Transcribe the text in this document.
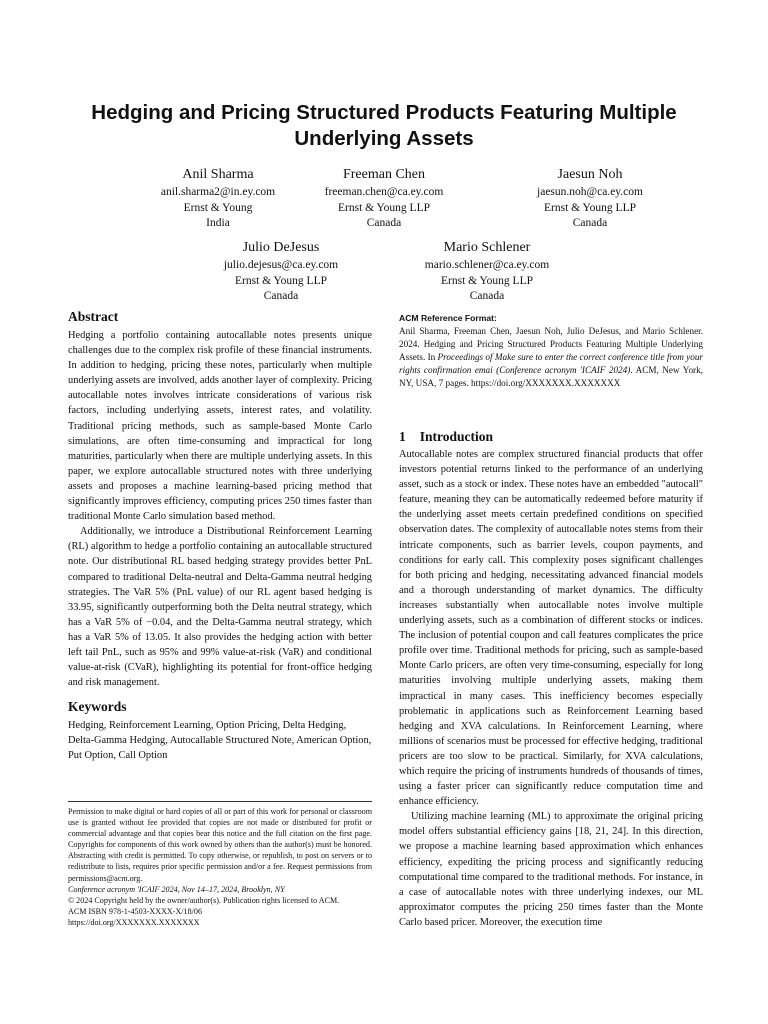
Hedging and Pricing Structured Products Featuring Multiple Underlying Assets
Anil Sharma
anil.sharma2@in.ey.com
Ernst & Young
India
Freeman Chen
freeman.chen@ca.ey.com
Ernst & Young LLP
Canada
Jaesun Noh
jaesun.noh@ca.ey.com
Ernst & Young LLP
Canada
Julio DeJesus
julio.dejesus@ca.ey.com
Ernst & Young LLP
Canada
Mario Schlener
mario.schlener@ca.ey.com
Ernst & Young LLP
Canada
Abstract

Hedging a portfolio containing autocallable notes presents unique challenges due to the complex risk profile of these financial instruments. In addition to hedging, pricing these notes, particularly when multiple underlying assets are involved, adds another layer of complexity. Pricing autocallable notes involves intricate considerations of various risk factors, including underlying assets, interest rates, and volatility. Traditional pricing methods, such as sample-based Monte Carlo simulations, are often time-consuming and impractical for long maturities, particularly when there are multiple underlying assets. In this paper, we explore autocallable structured notes with three underlying assets and proposes a machine learning-based pricing method that significantly improves efficiency, computing prices 250 times faster than traditional Monte Carlo simulation based method.

Additionally, we introduce a Distributional Reinforcement Learning (RL) algorithm to hedge a portfolio containing an autocallable structured note. Our distributional RL based hedging strategy provides better PnL compared to traditional Delta-neutral and Delta-Gamma neutral hedging strategies. The VaR 5% (PnL value) of our RL agent based hedging is 33.95, significantly outperforming both the Delta neutral strategy, which has a VaR 5% of −0.04, and the Delta-Gamma neutral strategy, which has a VaR 5% of 13.05. It also provides the hedging action with better left tail PnL, such as 95% and 99% value-at-risk (VaR) and conditional value-at-risk (CVaR), highlighting its potential for front-office hedging and risk management.

Keywords
Hedging, Reinforcement Learning, Option Pricing, Delta Hedging, Delta-Gamma Hedging, Autocallable Structured Note, American Option, Put Option, Call Option

Permission to make digital or hard copies of all or part of this work for personal or classroom use is granted without fee provided that copies are not made or distributed for profit or commercial advantage and that copies bear this notice and the full citation on the first page. Copyrights for components of this work owned by others than the author(s) must be honored. Abstracting with credit is permitted. To copy otherwise, or republish, to post on servers or to redistribute to lists, requires prior specific permission and/or a fee. Request permissions from permissions@acm.org.

Conference acronym 'ICAIF 2024, Nov 14–17, 2024, Brooklyn, NY

© 2024 Copyright held by the owner/author(s). Publication rights licensed to ACM.

ACM ISBN 978-1-4503-XXXX-X/18/06

https://doi.org/XXXXXXX.XXXXXXX

ACM Reference Format:
Anil Sharma, Freeman Chen, Jaesun Noh, Julio DeJesus, and Mario Schlener. 2024. Hedging and Pricing Structured Products Featuring Multiple Underlying Assets. In Proceedings of Make sure to enter the correct conference title from your rights confirmation emai (Conference acronym 'ICAIF 2024). ACM, New York, NY, USA, 7 pages. https://doi.org/XXXXXXX.XXXXXXX
1 Introduction

Autocallable notes are complex structured financial products that offer investors potential returns linked to the performance of an underlying asset, such as a stock or index. These notes have an embedded "autocall" feature, meaning they can be automatically redeemed before maturity if the underlying asset meets certain predefined conditions on specified observation dates. The complexity of autocallable notes stems from their intricate components, such as barrier levels, coupon payments, and conditions for early call. This complexity poses significant challenges for both pricing and hedging, necessitating advanced financial models and a thorough understanding of market dynamics. The difficulty increases substantially when autocallable notes involve multiple underlying assets, such as a combination of different stocks or indices. The inclusion of potential coupon and call features complicates the price profile over time. Traditional methods for pricing, such as sample-based Monte Carlo pricers, are often very time-consuming, especially for long maturities involving multiple underlying assets, making them impractical in many cases. This inefficiency becomes especially problematic in applications such as Reinforcement Learning based hedging and XVA calculations. In Reinforcement Learning, where millions of scenarios must be processed for effective hedging, traditional pricers are too slow to be practical. Similarly, for XVA calculations, which require the pricing of instruments hundreds of thousands of times, using a faster pricer can significantly reduce computation time and enhance efficiency.

Utilizing machine learning (ML) to approximate the original pricing model offers substantial efficiency gains [18, 21, 24]. In this direction, we propose a machine learning based approximation which enhances efficiency, expediting the pricing process and significantly reducing computational time compared to the traditional methods. For instance, in a case of autocallable notes with three underlying indexes, our ML approximator computes the pricing 250 times faster than the Monte Carlo based pricer. Moreover, the execution time
